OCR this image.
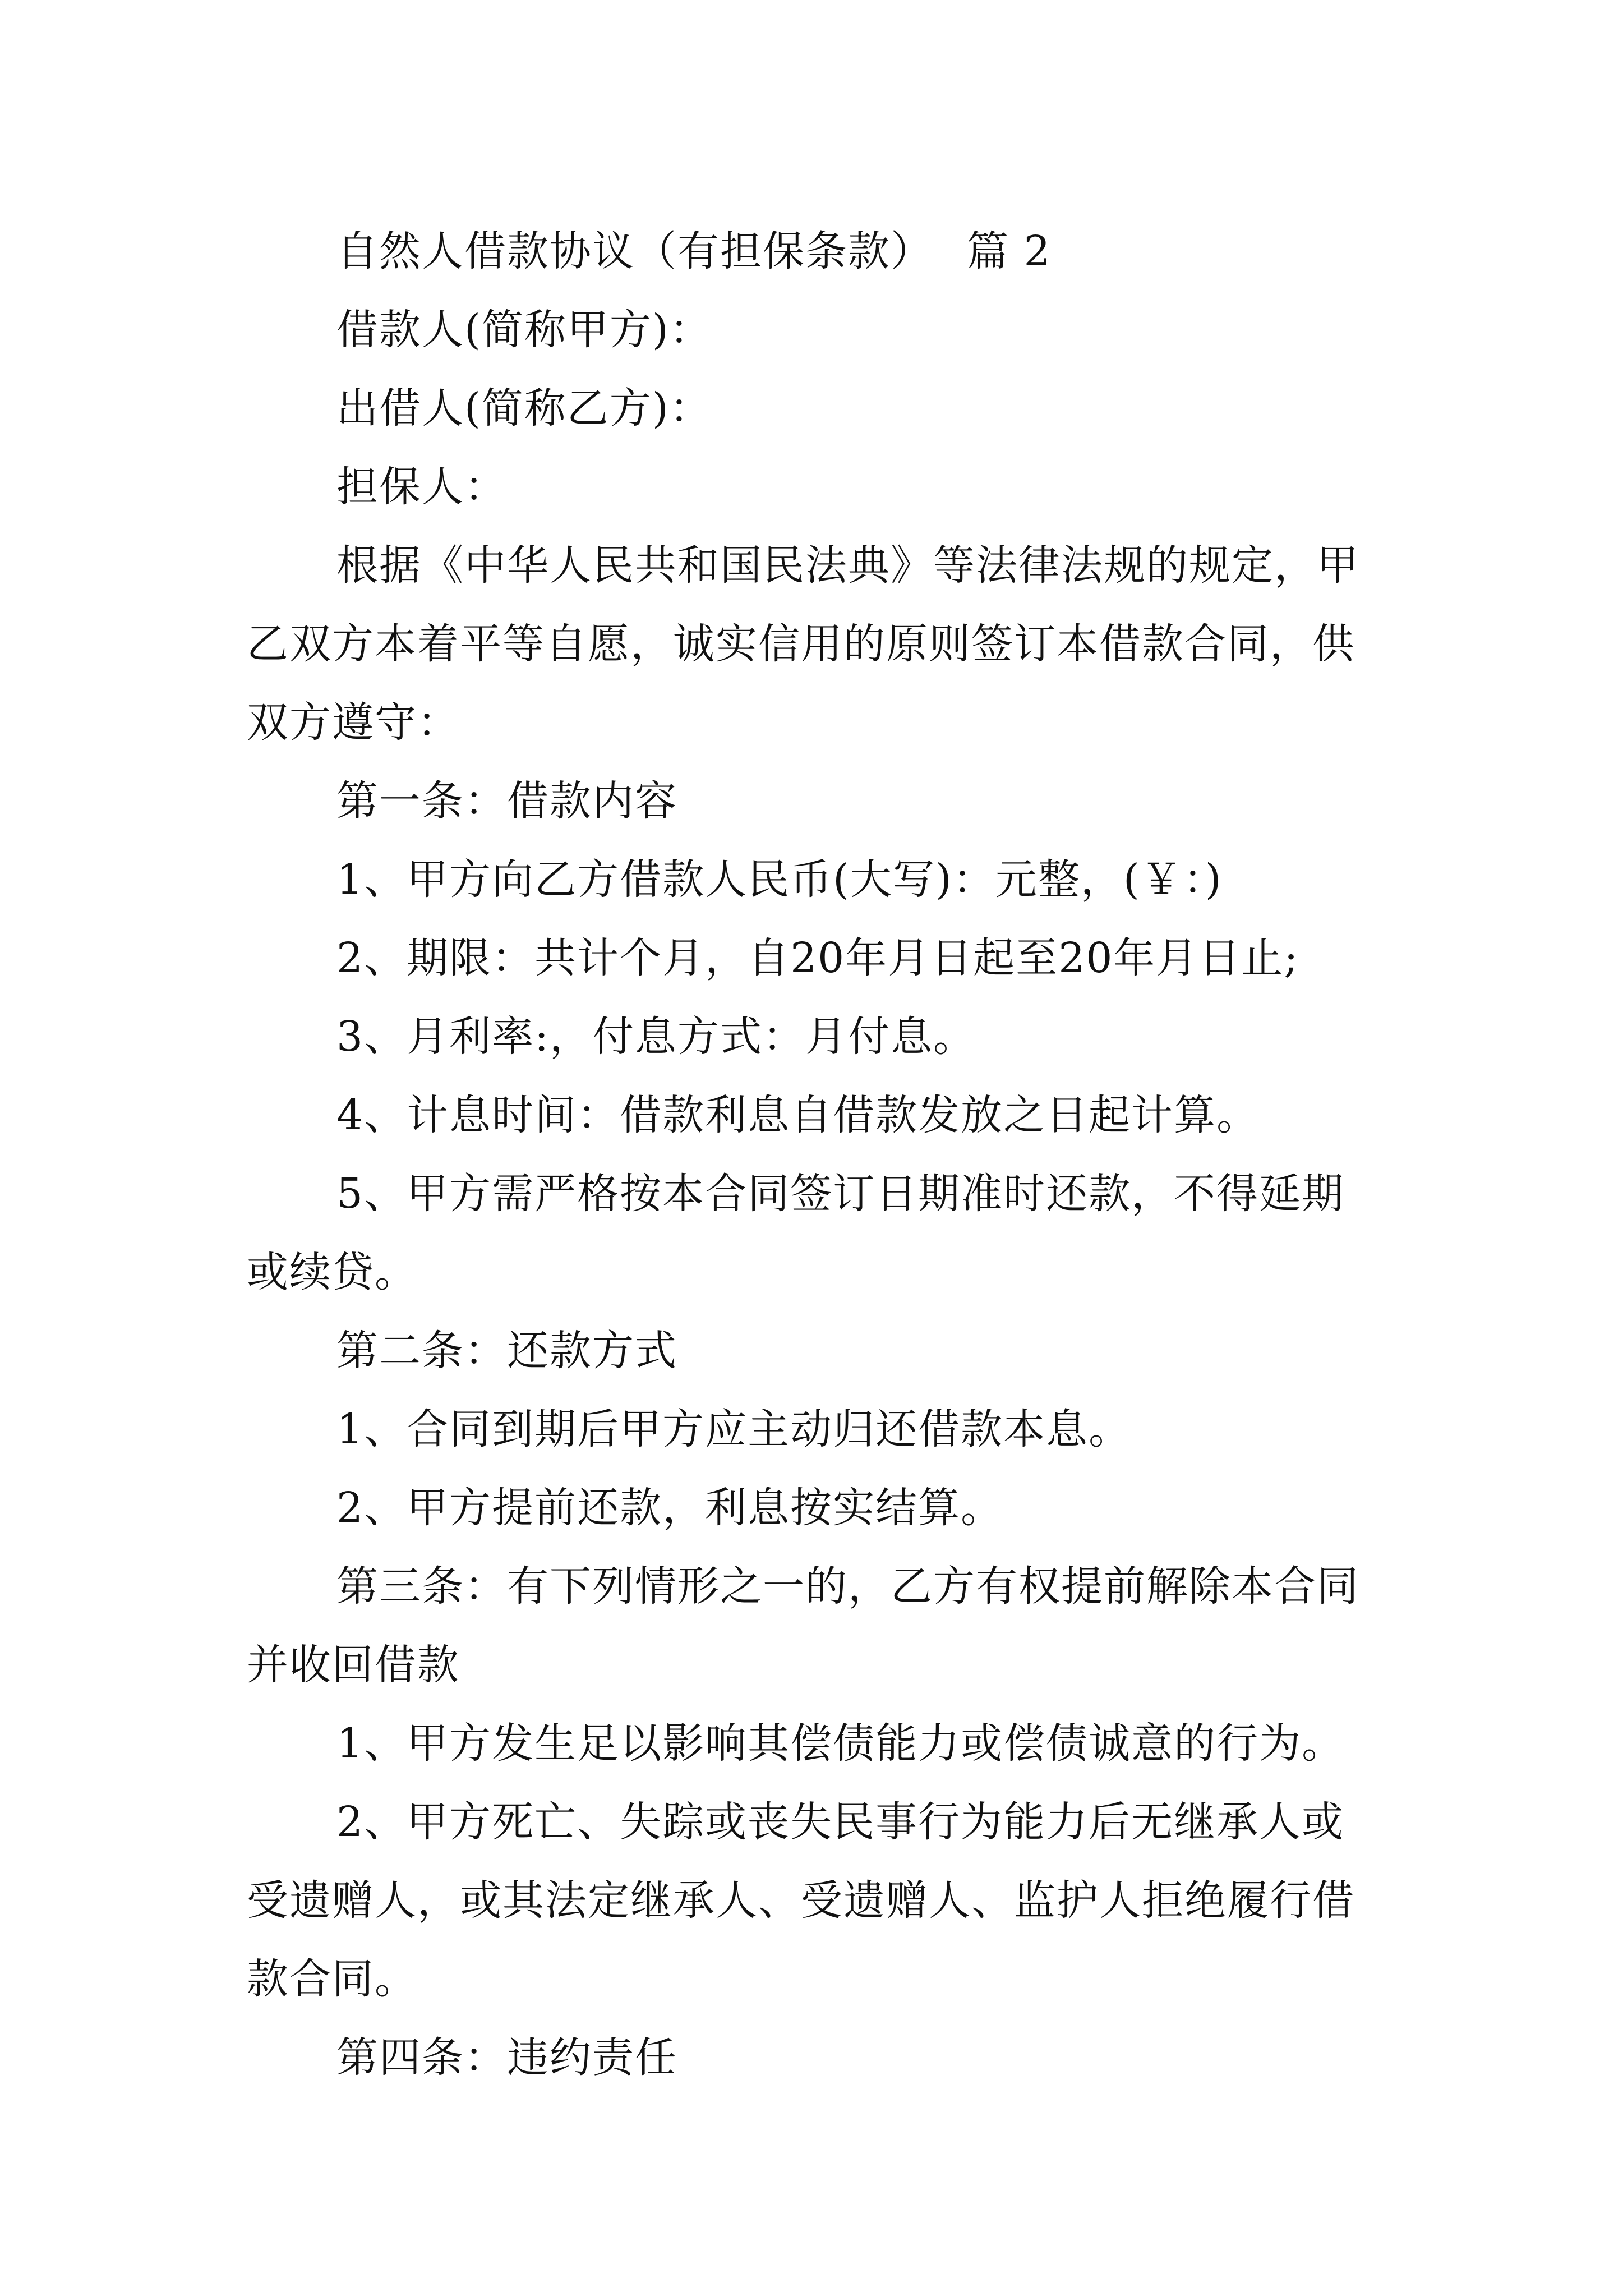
自然人借款协议（有担保条款） 篇 2

借款人(简称甲方)：

出借人(简称乙方)：

担保人：

根据《中华人民共和国民法典》等法律法规的规定，甲乙双方本着平等自愿，诚实信用的原则签订本借款合同，供双方遵守：

第一条：借款内容

1、甲方向乙方借款人民币(大写)：元整，(￥：)

2、期限：共计个月，自20年月日起至20年月日止;

3、月利率:，付息方式：月付息。

4、计息时间：借款利息自借款发放之日起计算。

5、甲方需严格按本合同签订日期准时还款，不得延期或续贷。

第二条：还款方式

1、合同到期后甲方应主动归还借款本息。

2、甲方提前还款，利息按实结算。

第三条：有下列情形之一的，乙方有权提前解除本合同并收回借款

1、甲方发生足以影响其偿债能力或偿债诚意的行为。

2、甲方死亡、失踪或丧失民事行为能力后无继承人或受遗赠人，或其法定继承人、受遗赠人、监护人拒绝履行借款合同。

第四条：违约责任
